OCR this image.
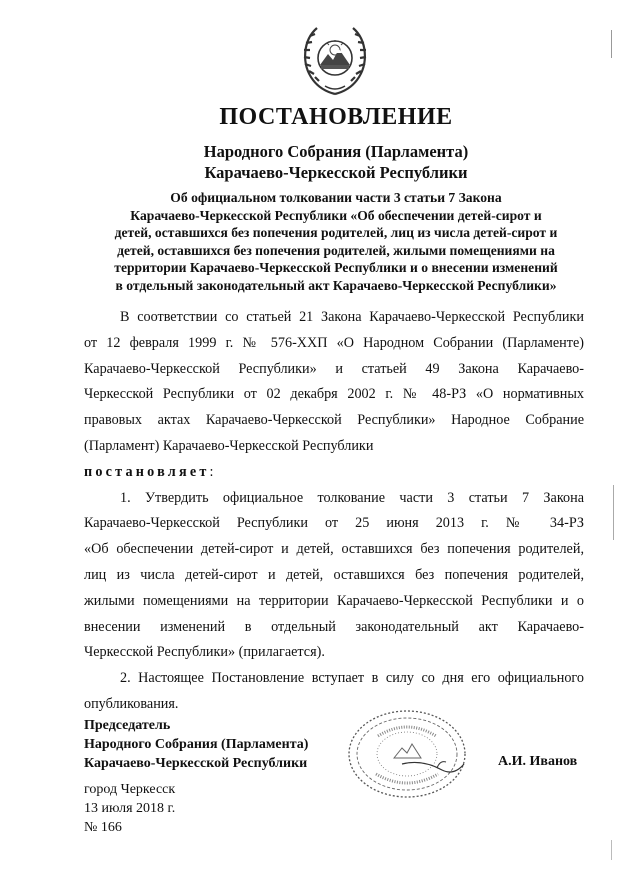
ПОСТАНОВЛЕНИЕ
Народного Собрания (Парламента)
Карачаево-Черкесской Республики
Об официальном толковании части 3 статьи 7 Закона
Карачаево-Черкесской Республики «Об обеспечении детей-сирот и
детей, оставшихся без попечения родителей, лиц из числа детей-сирот и
детей, оставшихся без попечения родителей, жилыми помещениями на
территории Карачаево-Черкесской Республики и о внесении изменений
в отдельный законодательный акт Карачаево-Черкесской Республики»
В соответствии со статьей 21 Закона Карачаево-Черкесской Республики
от 12 февраля 1999 г. № 576-XXП «О Народном Собрании (Парламенте)
Карачаево-Черкесской Республики» и статьей 49 Закона Карачаево-
Черкесской Республики от 02 декабря 2002 г. № 48-РЗ «О нормативных
правовых актах Карачаево-Черкесской Республики» Народное Собрание
(Парламент) Карачаево-Черкесской Республики
постановляет:
1. Утвердить официальное толкование части 3 статьи 7 Закона
Карачаево-Черкесской Республики от 25 июня 2013 г. № 34-РЗ
«Об обеспечении детей-сирот и детей, оставшихся без попечения родителей,
лиц из числа детей-сирот и детей, оставшихся без попечения родителей,
жилыми помещениями на территории Карачаево-Черкесской Республики и о
внесении изменений в отдельный законодательный акт Карачаево-
Черкесской Республики» (прилагается).
2. Настоящее Постановление вступает в силу со дня его официального
опубликования.
Председатель
Народного Собрания (Парламента)
Карачаево-Черкесской Республики	А.И. Иванов
город Черкесск
13 июля 2018 г.
№ 166
